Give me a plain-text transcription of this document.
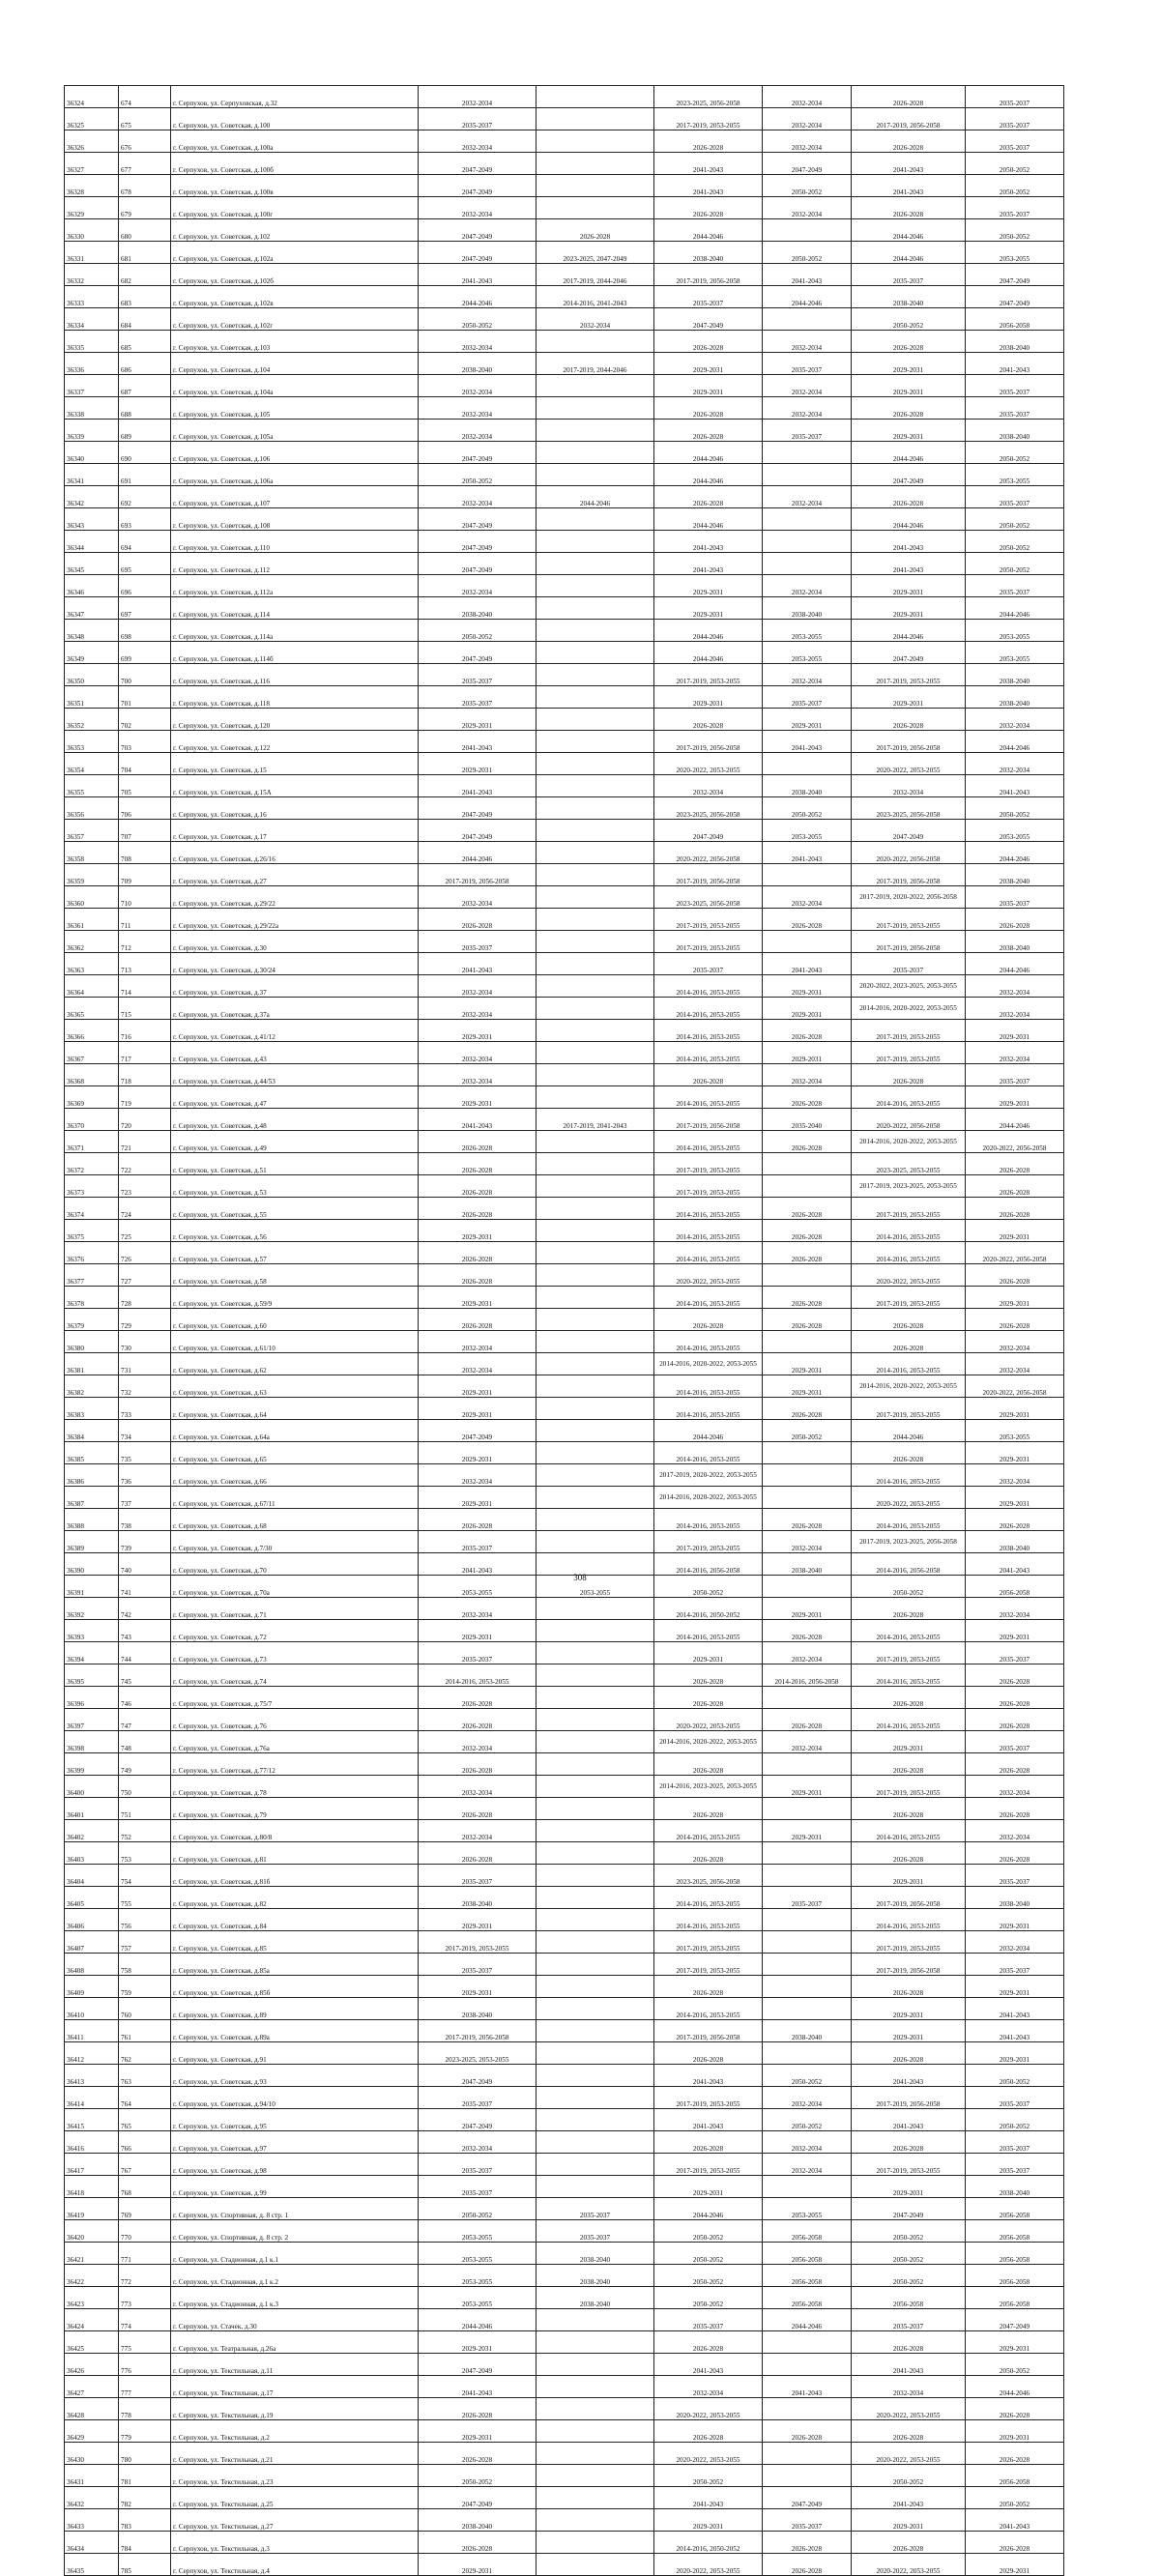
36324	674	г. Серпухов, ул. Серпуховская, д.32	2032-2034		2023-2025, 2056-2058	2032-2034	2026-2028	2035-2037
36325	675	г. Серпухов, ул. Советская, д.100	2035-2037		2017-2019, 2053-2055	2032-2034	2017-2019, 2056-2058	2035-2037
36326	676	г. Серпухов, ул. Советская, д.100а	2032-2034		2026-2028	2032-2034	2026-2028	2035-2037
36327	677	г. Серпухов, ул. Советская, д.100б	2047-2049		2041-2043	2047-2049	2041-2043	2050-2052
36328	678	г. Серпухов, ул. Советская, д.100в	2047-2049		2041-2043	2050-2052	2041-2043	2050-2052
36329	679	г. Серпухов, ул. Советская, д.100г	2032-2034		2026-2028	2032-2034	2026-2028	2035-2037
36330	680	г. Серпухов, ул. Советская, д.102	2047-2049	2026-2028	2044-2046		2044-2046	2050-2052
36331	681	г. Серпухов, ул. Советская, д.102а	2047-2049	2023-2025, 2047-2049	2038-2040	2050-2052	2044-2046	2053-2055
36332	682	г. Серпухов, ул. Советская, д.102б	2041-2043	2017-2019, 2044-2046	2017-2019, 2056-2058	2041-2043	2035-2037	2047-2049
36333	683	г. Серпухов, ул. Советская, д.102в	2044-2046	2014-2016, 2041-2043	2035-2037	2044-2046	2038-2040	2047-2049
36334	684	г. Серпухов, ул. Советская, д.102г	2050-2052	2032-2034	2047-2049		2050-2052	2056-2058
36335	685	г. Серпухов, ул. Советская, д.103	2032-2034		2026-2028	2032-2034	2026-2028	2038-2040
36336	686	г. Серпухов, ул. Советская, д.104	2038-2040	2017-2019, 2044-2046	2029-2031	2035-2037	2029-2031	2041-2043
36337	687	г. Серпухов, ул. Советская, д.104а	2032-2034		2029-2031	2032-2034	2029-2031	2035-2037
36338	688	г. Серпухов, ул. Советская, д.105	2032-2034		2026-2028	2032-2034	2026-2028	2035-2037
36339	689	г. Серпухов, ул. Советская, д.105а	2032-2034		2026-2028	2035-2037	2029-2031	2038-2040
36340	690	г. Серпухов, ул. Советская, д.106	2047-2049		2044-2046		2044-2046	2050-2052
36341	691	г. Серпухов, ул. Советская, д.106а	2050-2052		2044-2046		2047-2049	2053-2055
36342	692	г. Серпухов, ул. Советская, д.107	2032-2034	2044-2046	2026-2028	2032-2034	2026-2028	2035-2037
36343	693	г. Серпухов, ул. Советская, д.108	2047-2049		2044-2046		2044-2046	2050-2052
36344	694	г. Серпухов, ул. Советская, д.110	2047-2049		2041-2043		2041-2043	2050-2052
36345	695	г. Серпухов, ул. Советская, д.112	2047-2049		2041-2043		2041-2043	2050-2052
36346	696	г. Серпухов, ул. Советская, д.112а	2032-2034		2029-2031	2032-2034	2029-2031	2035-2037
36347	697	г. Серпухов, ул. Советская, д.114	2038-2040		2029-2031	2038-2040	2029-2031	2044-2046
36348	698	г. Серпухов, ул. Советская, д.114а	2050-2052		2044-2046	2053-2055	2044-2046	2053-2055
36349	699	г. Серпухов, ул. Советская, д.114б	2047-2049		2044-2046	2053-2055	2047-2049	2053-2055
36350	700	г. Серпухов, ул. Советская, д.116	2035-2037		2017-2019, 2053-2055	2032-2034	2017-2019, 2053-2055	2038-2040
36351	701	г. Серпухов, ул. Советская, д.118	2035-2037		2029-2031	2035-2037	2029-2031	2038-2040
36352	702	г. Серпухов, ул. Советская, д.120	2029-2031		2026-2028	2029-2031	2026-2028	2032-2034
36353	703	г. Серпухов, ул. Советская, д.122	2041-2043		2017-2019, 2056-2058	2041-2043	2017-2019, 2056-2058	2044-2046
36354	704	г. Серпухов, ул. Советская, д.15	2029-2031		2020-2022, 2053-2055		2020-2022, 2053-2055	2032-2034
36355	705	г. Серпухов, ул. Советская, д.15А	2041-2043		2032-2034	2038-2040	2032-2034	2041-2043
36356	706	г. Серпухов, ул. Советская, д.16	2047-2049		2023-2025, 2056-2058	2050-2052	2023-2025, 2056-2058	2050-2052
36357	707	г. Серпухов, ул. Советская, д.17	2047-2049		2047-2049	2053-2055	2047-2049	2053-2055
36358	708	г. Серпухов, ул. Советская, д.26/16	2044-2046		2020-2022, 2056-2058	2041-2043	2020-2022, 2056-2058	2044-2046
36359	709	г. Серпухов, ул. Советская, д.27	2017-2019, 2056-2058		2017-2019, 2056-2058		2017-2019, 2056-2058	2038-2040
36360	710	г. Серпухов, ул. Советская, д.29/22	2032-2034		2023-2025, 2056-2058	2032-2034	2017-2019, 2020-2022, 2056-2058	2035-2037
36361	711	г. Серпухов, ул. Советская, д.29/22а	2026-2028		2017-2019, 2053-2055	2026-2028	2017-2019, 2053-2055	2026-2028
36362	712	г. Серпухов, ул. Советская, д.30	2035-2037		2017-2019, 2053-2055		2017-2019, 2056-2058	2038-2040
36363	713	г. Серпухов, ул. Советская, д.30/24	2041-2043		2035-2037	2041-2043	2035-2037	2044-2046
36364	714	г. Серпухов, ул. Советская, д.37	2032-2034		2014-2016, 2053-2055	2029-2031	2020-2022, 2023-2025, 2053-2055	2032-2034
36365	715	г. Серпухов, ул. Советская, д.37а	2032-2034		2014-2016, 2053-2055	2029-2031	2014-2016, 2020-2022, 2053-2055	2032-2034
36366	716	г. Серпухов, ул. Советская, д.41/12	2029-2031		2014-2016, 2053-2055	2026-2028	2017-2019, 2053-2055	2029-2031
36367	717	г. Серпухов, ул. Советская, д.43	2032-2034		2014-2016, 2053-2055	2029-2031	2017-2019, 2053-2055	2032-2034
36368	718	г. Серпухов, ул. Советская, д.44/53	2032-2034		2026-2028	2032-2034	2026-2028	2035-2037
36369	719	г. Серпухов, ул. Советская, д.47	2029-2031		2014-2016, 2053-2055	2026-2028	2014-2016, 2053-2055	2029-2031
36370	720	г. Серпухов, ул. Советская, д.48	2041-2043	2017-2019, 2041-2043	2017-2019, 2056-2058	2035-2040	2020-2022, 2056-2058	2044-2046
36371	721	г. Серпухов, ул. Советская, д.49	2026-2028		2014-2016, 2053-2055	2026-2028	2014-2016, 2020-2022, 2053-2055	2020-2022, 2056-2058
36372	722	г. Серпухов, ул. Советская, д.51	2026-2028		2017-2019, 2053-2055		2023-2025, 2053-2055	2026-2028
36373	723	г. Серпухов, ул. Советская, д.53	2026-2028		2017-2019, 2053-2055		2017-2019, 2023-2025, 2053-2055	2026-2028
36374	724	г. Серпухов, ул. Советская, д.55	2026-2028		2014-2016, 2053-2055	2026-2028	2017-2019, 2053-2055	2026-2028
36375	725	г. Серпухов, ул. Советская, д.56	2029-2031		2014-2016, 2053-2055	2026-2028	2014-2016, 2053-2055	2029-2031
36376	726	г. Серпухов, ул. Советская, д.57	2026-2028		2014-2016, 2053-2055	2026-2028	2014-2016, 2053-2055	2020-2022, 2056-2058
36377	727	г. Серпухов, ул. Советская, д.58	2026-2028		2020-2022, 2053-2055		2020-2022, 2053-2055	2026-2028
36378	728	г. Серпухов, ул. Советская, д.59/9	2029-2031		2014-2016, 2053-2055	2026-2028	2017-2019, 2053-2055	2029-2031
36379	729	г. Серпухов, ул. Советская, д.60	2026-2028		2026-2028	2026-2028	2026-2028	2026-2028
36380	730	г. Серпухов, ул. Советская, д.61/10	2032-2034		2014-2016, 2053-2055		2026-2028	2032-2034
36381	731	г. Серпухов, ул. Советская, д.62	2032-2034		2014-2016, 2020-2022, 2053-2055	2029-2031	2014-2016, 2053-2055	2032-2034
36382	732	г. Серпухов, ул. Советская, д.63	2029-2031		2014-2016, 2053-2055	2029-2031	2014-2016, 2020-2022, 2053-2055	2020-2022, 2056-2058
36383	733	г. Серпухов, ул. Советская, д.64	2029-2031		2014-2016, 2053-2055	2026-2028	2017-2019, 2053-2055	2029-2031
36384	734	г. Серпухов, ул. Советская, д.64а	2047-2049		2044-2046	2050-2052	2044-2046	2053-2055
36385	735	г. Серпухов, ул. Советская, д.65	2029-2031		2014-2016, 2053-2055		2026-2028	2029-2031
36386	736	г. Серпухов, ул. Советская, д.66	2032-2034		2017-2019, 2020-2022, 2053-2055		2014-2016, 2053-2055	2032-2034
36387	737	г. Серпухов, ул. Советская, д.67/11	2029-2031		2014-2016, 2020-2022, 2053-2055		2020-2022, 2053-2055	2029-2031
36388	738	г. Серпухов, ул. Советская, д.68	2026-2028		2014-2016, 2053-2055	2026-2028	2014-2016, 2053-2055	2026-2028
36389	739	г. Серпухов, ул. Советская, д.7/30	2035-2037		2017-2019, 2053-2055	2032-2034	2017-2019, 2023-2025, 2056-2058	2038-2040
36390	740	г. Серпухов, ул. Советская, д.70	2041-2043		2014-2016, 2056-2058	2038-2040	2014-2016, 2056-2058	2041-2043
36391	741	г. Серпухов, ул. Советская, д.70а	2053-2055	2053-2055	2050-2052		2050-2052	2056-2058
36392	742	г. Серпухов, ул. Советская, д.71	2032-2034		2014-2016, 2050-2052	2029-2031	2026-2028	2032-2034
36393	743	г. Серпухов, ул. Советская, д.72	2029-2031		2014-2016, 2053-2055	2026-2028	2014-2016, 2053-2055	2029-2031
36394	744	г. Серпухов, ул. Советская, д.73	2035-2037		2029-2031	2032-2034	2017-2019, 2053-2055	2035-2037
36395	745	г. Серпухов, ул. Советская, д.74	2014-2016, 2053-2055		2026-2028	2014-2016, 2056-2058	2014-2016, 2053-2055	2026-2028
36396	746	г. Серпухов, ул. Советская, д.75/7	2026-2028		2026-2028		2026-2028	2026-2028
36397	747	г. Серпухов, ул. Советская, д.76	2026-2028		2020-2022, 2053-2055	2026-2028	2014-2016, 2053-2055	2026-2028
36398	748	г. Серпухов, ул. Советская, д.76а	2032-2034		2014-2016, 2020-2022, 2053-2055	2032-2034	2029-2031	2035-2037
36399	749	г. Серпухов, ул. Советская, д.77/12	2026-2028		2026-2028		2026-2028	2026-2028
36400	750	г. Серпухов, ул. Советская, д.78	2032-2034		2014-2016, 2023-2025, 2053-2055	2029-2031	2017-2019, 2053-2055	2032-2034
36401	751	г. Серпухов, ул. Советская, д.79	2026-2028		2026-2028		2026-2028	2026-2028
36402	752	г. Серпухов, ул. Советская, д.80/8	2032-2034		2014-2016, 2053-2055	2029-2031	2014-2016, 2053-2055	2032-2034
36403	753	г. Серпухов, ул. Советская, д.81	2026-2028		2026-2028		2026-2028	2026-2028
36404	754	г. Серпухов, ул. Советская, д.81б	2035-2037		2023-2025, 2056-2058		2029-2031	2035-2037
36405	755	г. Серпухов, ул. Советская, д.82	2038-2040		2014-2016, 2053-2055	2035-2037	2017-2019, 2056-2058	2038-2040
36406	756	г. Серпухов, ул. Советская, д.84	2029-2031		2014-2016, 2053-2055		2014-2016, 2053-2055	2029-2031
36407	757	г. Серпухов, ул. Советская, д.85	2017-2019, 2053-2055		2017-2019, 2053-2055		2017-2019, 2053-2055	2032-2034
36408	758	г. Серпухов, ул. Советская, д.85а	2035-2037		2017-2019, 2053-2055		2017-2019, 2056-2058	2035-2037
36409	759	г. Серпухов, ул. Советская, д.85б	2029-2031		2026-2028		2026-2028	2029-2031
36410	760	г. Серпухов, ул. Советская, д.89	2038-2040		2014-2016, 2053-2055		2029-2031	2041-2043
36411	761	г. Серпухов, ул. Советская, д.89а	2017-2019, 2056-2058		2017-2019, 2056-2058	2038-2040	2029-2031	2041-2043
36412	762	г. Серпухов, ул. Советская, д.91	2023-2025, 2053-2055		2026-2028		2026-2028	2029-2031
36413	763	г. Серпухов, ул. Советская, д.93	2047-2049		2041-2043	2050-2052	2041-2043	2050-2052
36414	764	г. Серпухов, ул. Советская, д.94/10	2035-2037		2017-2019, 2053-2055	2032-2034	2017-2019, 2056-2058	2035-2037
36415	765	г. Серпухов, ул. Советская, д.95	2047-2049		2041-2043	2050-2052	2041-2043	2050-2052
36416	766	г. Серпухов, ул. Советская, д.97	2032-2034		2026-2028	2032-2034	2026-2028	2035-2037
36417	767	г. Серпухов, ул. Советская, д.98	2035-2037		2017-2019, 2053-2055	2032-2034	2017-2019, 2053-2055	2035-2037
36418	768	г. Серпухов, ул. Советская, д.99	2035-2037		2029-2031		2029-2031	2038-2040
36419	769	г. Серпухов, ул. Спортивная, д. 8 стр. 1	2050-2052	2035-2037	2044-2046	2053-2055	2047-2049	2056-2058
36420	770	г. Серпухов, ул. Спортивная, д. 8 стр. 2	2053-2055	2035-2037	2050-2052	2056-2058	2050-2052	2056-2058
36421	771	г. Серпухов, ул. Стадионная, д.1 к.1	2053-2055	2038-2040	2050-2052	2056-2058	2050-2052	2056-2058
36422	772	г. Серпухов, ул. Стадионная, д.1 к.2	2053-2055	2038-2040	2050-2052	2056-2058	2050-2052	2056-2058
36423	773	г. Серпухов, ул. Стадионная, д.1 к.3	2053-2055	2038-2040	2050-2052	2056-2058	2056-2058	2056-2058
36424	774	г. Серпухов, ул. Стачек, д.30	2044-2046		2035-2037	2044-2046	2035-2037	2047-2049
36425	775	г. Серпухов, ул. Театральная, д.26а	2029-2031		2026-2028		2026-2028	2029-2031
36426	776	г. Серпухов, ул. Текстильная, д.11	2047-2049		2041-2043		2041-2043	2050-2052
36427	777	г. Серпухов, ул. Текстильная, д.17	2041-2043		2032-2034	2041-2043	2032-2034	2044-2046
36428	778	г. Серпухов, ул. Текстильная, д.19	2026-2028		2020-2022, 2053-2055		2020-2022, 2053-2055	2026-2028
36429	779	г. Серпухов, ул. Текстильная, д.2	2029-2031		2026-2028	2026-2028	2026-2028	2029-2031
36430	780	г. Серпухов, ул. Текстильная, д.21	2026-2028		2020-2022, 2053-2055		2020-2022, 2053-2055	2026-2028
36431	781	г. Серпухов, ул. Текстильная, д.23	2050-2052		2050-2052		2050-2052	2056-2058
36432	782	г. Серпухов, ул. Текстильная, д.25	2047-2049		2041-2043	2047-2049	2041-2043	2050-2052
36433	783	г. Серпухов, ул. Текстильная, д.27	2038-2040		2029-2031	2035-2037	2029-2031	2041-2043
36434	784	г. Серпухов, ул. Текстильная, д.3	2026-2028		2014-2016, 2050-2052	2026-2028	2026-2028	2026-2028
36435	785	г. Серпухов, ул. Текстильная, д.4	2029-2031		2020-2022, 2053-2055	2026-2028	2020-2022, 2053-2055	2029-2031
308
